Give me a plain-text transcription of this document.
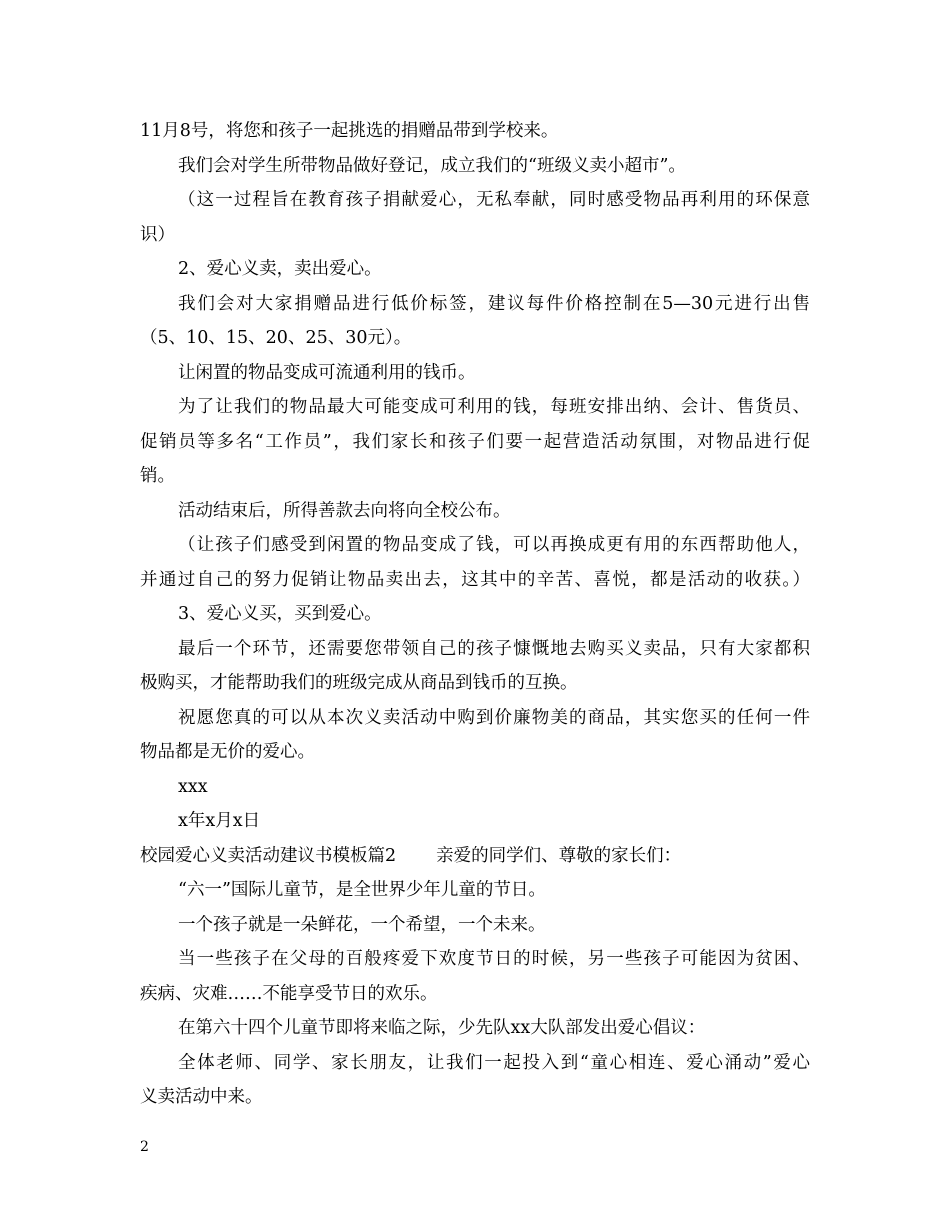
11月8号，将您和孩子一起挑选的捐赠品带到学校来。
我们会对学生所带物品做好登记，成立我们的“班级义卖小超市”。
（这一过程旨在教育孩子捐献爱心，无私奉献，同时感受物品再利用的环保意
识）
2、爱心义卖，卖出爱心。
我们会对大家捐赠品进行低价标签，建议每件价格控制在5—30元进行出售
（5、10、15、20、25、30元）。
让闲置的物品变成可流通利用的钱币。
为了让我们的物品最大可能变成可利用的钱，每班安排出纳、会计、售货员、
促销员等多名“工作员”，我们家长和孩子们要一起营造活动氛围，对物品进行促
销。
活动结束后，所得善款去向将向全校公布。
（让孩子们感受到闲置的物品变成了钱，可以再换成更有用的东西帮助他人，
并通过自己的努力促销让物品卖出去，这其中的辛苦、喜悦，都是活动的收获。）
3、爱心义买，买到爱心。
最后一个环节，还需要您带领自己的孩子慷慨地去购买义卖品，只有大家都积
极购买，才能帮助我们的班级完成从商品到钱币的互换。
祝愿您真的可以从本次义卖活动中购到价廉物美的商品，其实您买的任何一件
物品都是无价的爱心。
xxx
x年x月x日
校园爱心义卖活动建议书模板篇2 亲爱的同学们、尊敬的家长们：
“六一”国际儿童节，是全世界少年儿童的节日。
一个孩子就是一朵鲜花，一个希望，一个未来。
当一些孩子在父母的百般疼爱下欢度节日的时候，另一些孩子可能因为贫困、
疾病、灾难……不能享受节日的欢乐。
在第六十四个儿童节即将来临之际，少先队xx大队部发出爱心倡议：
全体老师、同学、家长朋友，让我们一起投入到“童心相连、爱心涌动”爱心
义卖活动中来。
2
